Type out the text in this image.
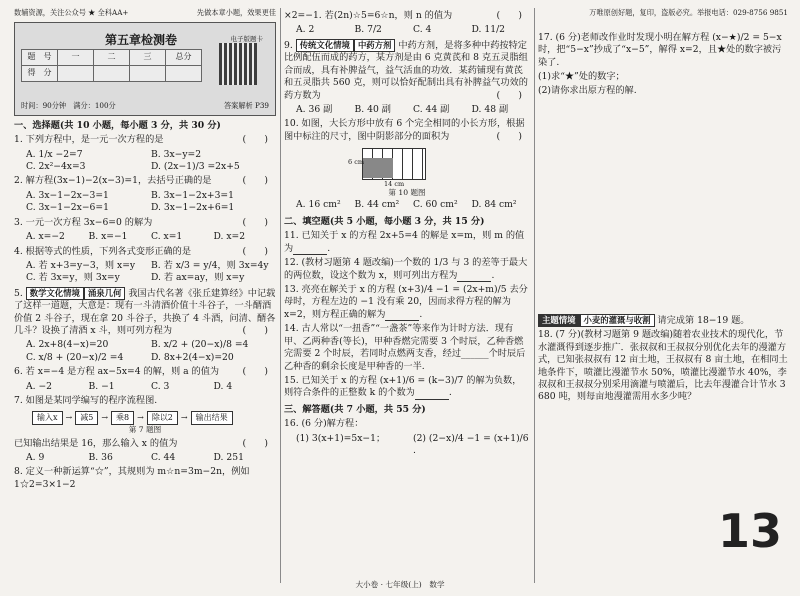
数辅资源，关注公众号 ★ 全科AA+	先做本章小题，效果更佳
第五章检测卷
题　号	一	二	三	总分
得　分				
电子版题卡
时间：90分钟　满分：100分	答案解析 P39
一、选择题(共 10 小题，每小题 3 分，共 30 分)
1. 下列方程中，是一元一次方程的是	(　　)
A. 1/x −2=7	B. 3x−y=2
C. 2x²−4x=3	D. (2x−1)/3 =2x+5
2. 解方程(3x−1)−2(x−3)=1，去括号正确的是	(　　)
A. 3x−1−2x−3=1	B. 3x−1−2x+3=1
C. 3x−1−2x−6=1	D. 3x−1−2x+6=1
3. 一元一次方程 3x−6=0 的解为	(　　)
A. x=−2	B. x=−1	C. x=1	D. x=2
4. 根据等式的性质，下列各式变形正确的是	(　　)
A. 若 x+3=y−3，则 x=y	B. 若 x/3 = y/4，则 3x=4y
C. 若 3x=y，则 3x=y	D. 若 ax=ay，则 x=y
5. 数学文化情境 涌泉几何 我国古代名著《张丘建算经》中记载了这样一道题，大意是：现有一斗清酒价值十斗谷子，一斗醑酒价值 2 斗谷子，现在拿 20 斗谷子，共换了 4 斗酒，问清、醑各几斗？设换了清酒 x 斗，则可列方程为	(　　)
A. 2x+8(4−x)=20	B. x/2 + (20−x)/8 =4
C. x/8 + (20−x)/2 =4	D. 8x+2(4−x)=20
6. 若 x=−4 是方程 ax−5x=4 的解，则 a 的值为	(　　)
A. −2	B. −1	C. 3	D. 4
7. 如图是某同学编写的程序流程图.
输入x	→	减5	→	乘8	→	除以2	→	输出结果
第 7 题图
已知输出结果是 16，那么输入 x 的值为	(　　)
A. 9	B. 36	C. 44	D. 251
8. 定义一种新运算“☆”，其规则为 m☆n=3m−2n，例如 1☆2=3×1−2
×2=−1. 若(2n)☆5=6☆n，则 n 的值为	(　　)
A. 2	B. 7/2	C. 4	D. 11/2
9. 传统文化情境 中药方剂 中药方剂，是将多种中药按特定比例配伍而成的药方，某方剂是由 6 克黄芪和 8 克五灵脂组合而成，具有补脾益气，益气活血的功效．某药铺现有黄芪和五灵脂共 560 克，则可以恰好配制出具有补脾益气功效的药方数为	(　　)
A. 36 副	B. 40 副	C. 44 副	D. 48 副
10. 如图，大长方形中放有 6 个完全相同的小长方形，根据图中标注的尺寸，图中阴影部分的面积为	(　　)
6 cm
14 cm
第 10 题图
A. 16 cm²	B. 44 cm²	C. 60 cm²	D. 84 cm²
二、填空题(共 5 小题，每小题 3 分，共 15 分)
11. 已知关于 x 的方程 2x+5=4 的解是 x=m，则 m 的值为	.
12. (教材习题第 4 题改编)一个数的 1/3 与 3 的差等于最大的两位数，设这个数为 x，则可列出方程为	.
13. 亮亮在解关于 x 的方程 (x+3)/4 −1 = (2x+m)/5 去分母时，方程左边的 −1 没有乘 20，因而求得方程的解为 x=2，则方程正确的解为	.
14. 古人常以“一扭香”“一盏茶”等来作为计时方法．现有甲、乙两种香(等长)，甲种香燃完需要 3 个时辰，乙种香燃完需要 2 个时辰，若同时点燃两支香，经过______个时辰后乙种香的剩余长度是甲种香的一半.
15. 已知关于 x 的方程 (x+1)/6 = (k−3)/7 的解为负数，则符合条件的正整数 k 的个数为	.
三、解答题(共 7 小题，共 55 分)
16. (6 分)解方程：
(1) 3(x+1)=5x−1；	(2) (2−x)/4 −1 = (x+1)/6 .
万唯原创好题，复印，盗版必究。举报电话：029-8756 9851
17. (6 分)老师改作业时发现小明在解方程 (x−★)/2 = 5−x 时，把“5−x”抄成了“x−5”，解得 x=2，且★处的数字被污染了.
(1)求“★”处的数字；
(2)请你求出原方程的解.
主题情境 小麦的灌溉与收割 请完成第 18−19 题。
18. (7 分)(教材习题第 9 题改编)随着农业技术的现代化，节水灌溉得到逐步推广．张叔叔和王叔叔分别优化去年的漫灌方式，已知张叔叔有 12 亩土地，王叔叔有 8 亩土地，在相同土地条件下，喷灌比漫灌节水 50%，喷灌比漫灌节水 40%，李叔叔和王叔叔分别采用滴灌与喷灌后，比去年漫灌合计节水 3 680 吨，则每亩地漫灌需用水多少吨？
13
大小卷 · 七年级(上)　数学
